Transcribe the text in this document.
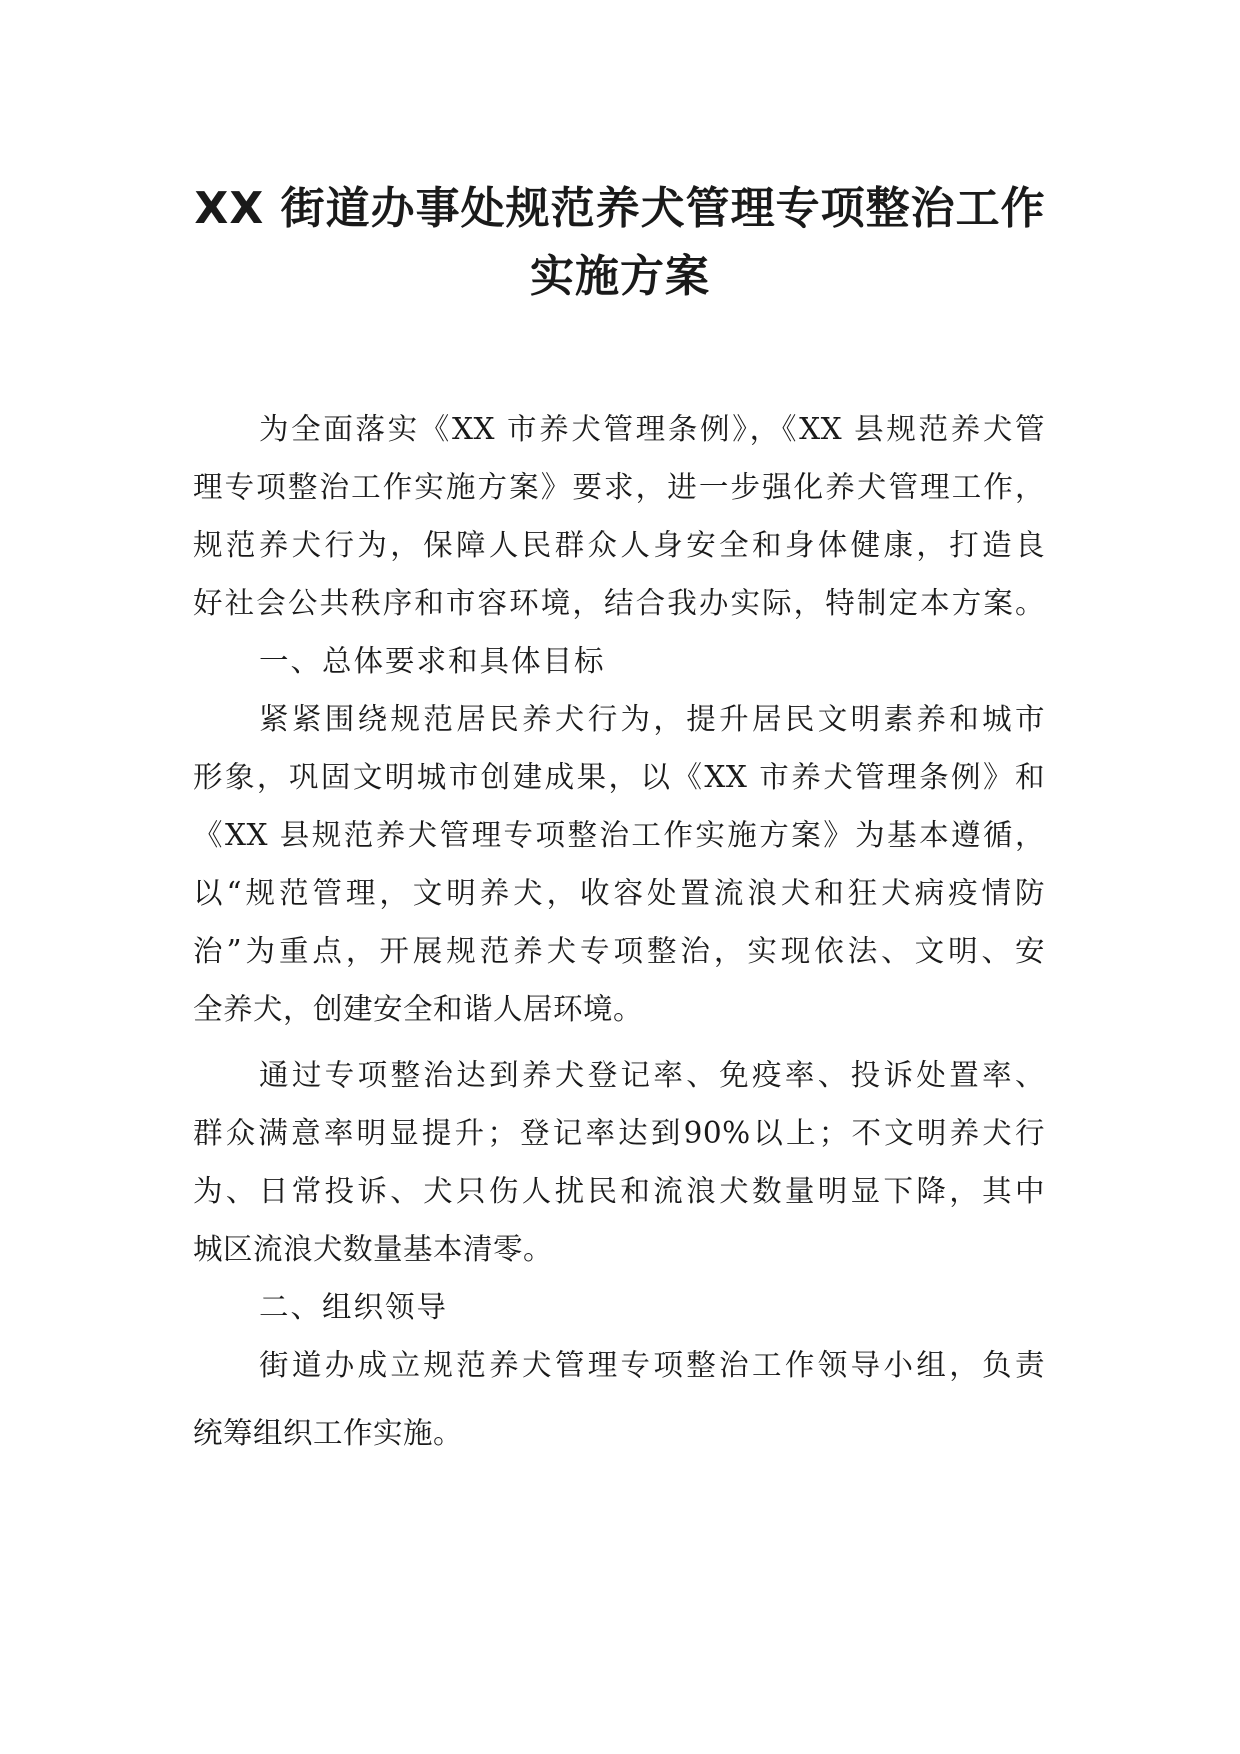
XX 街道办事处规范养犬管理专项整治工作
实施方案
为全面落实《XX 市养犬管理条例》，《XX 县规范养犬管
理专项整治工作实施方案》要求，进一步强化养犬管理工作，
规范养犬行为，保障人民群众人身安全和身体健康，打造良
好社会公共秩序和市容环境，结合我办实际，特制定本方案。
一、总体要求和具体目标
紧紧围绕规范居民养犬行为，提升居民文明素养和城市
形象，巩固文明城市创建成果，以《XX 市养犬管理条例》和
《XX 县规范养犬管理专项整治工作实施方案》为基本遵循，
以“规范管理，文明养犬，收容处置流浪犬和狂犬病疫情防
治”为重点，开展规范养犬专项整治，实现依法、文明、安
全养犬，创建安全和谐人居环境。
通过专项整治达到养犬登记率、免疫率、投诉处置率、
群众满意率明显提升；登记率达到90%以上；不文明养犬行
为、日常投诉、犬只伤人扰民和流浪犬数量明显下降，其中
城区流浪犬数量基本清零。
二、组织领导
街道办成立规范养犬管理专项整治工作领导小组，负责
统筹组织工作实施。
